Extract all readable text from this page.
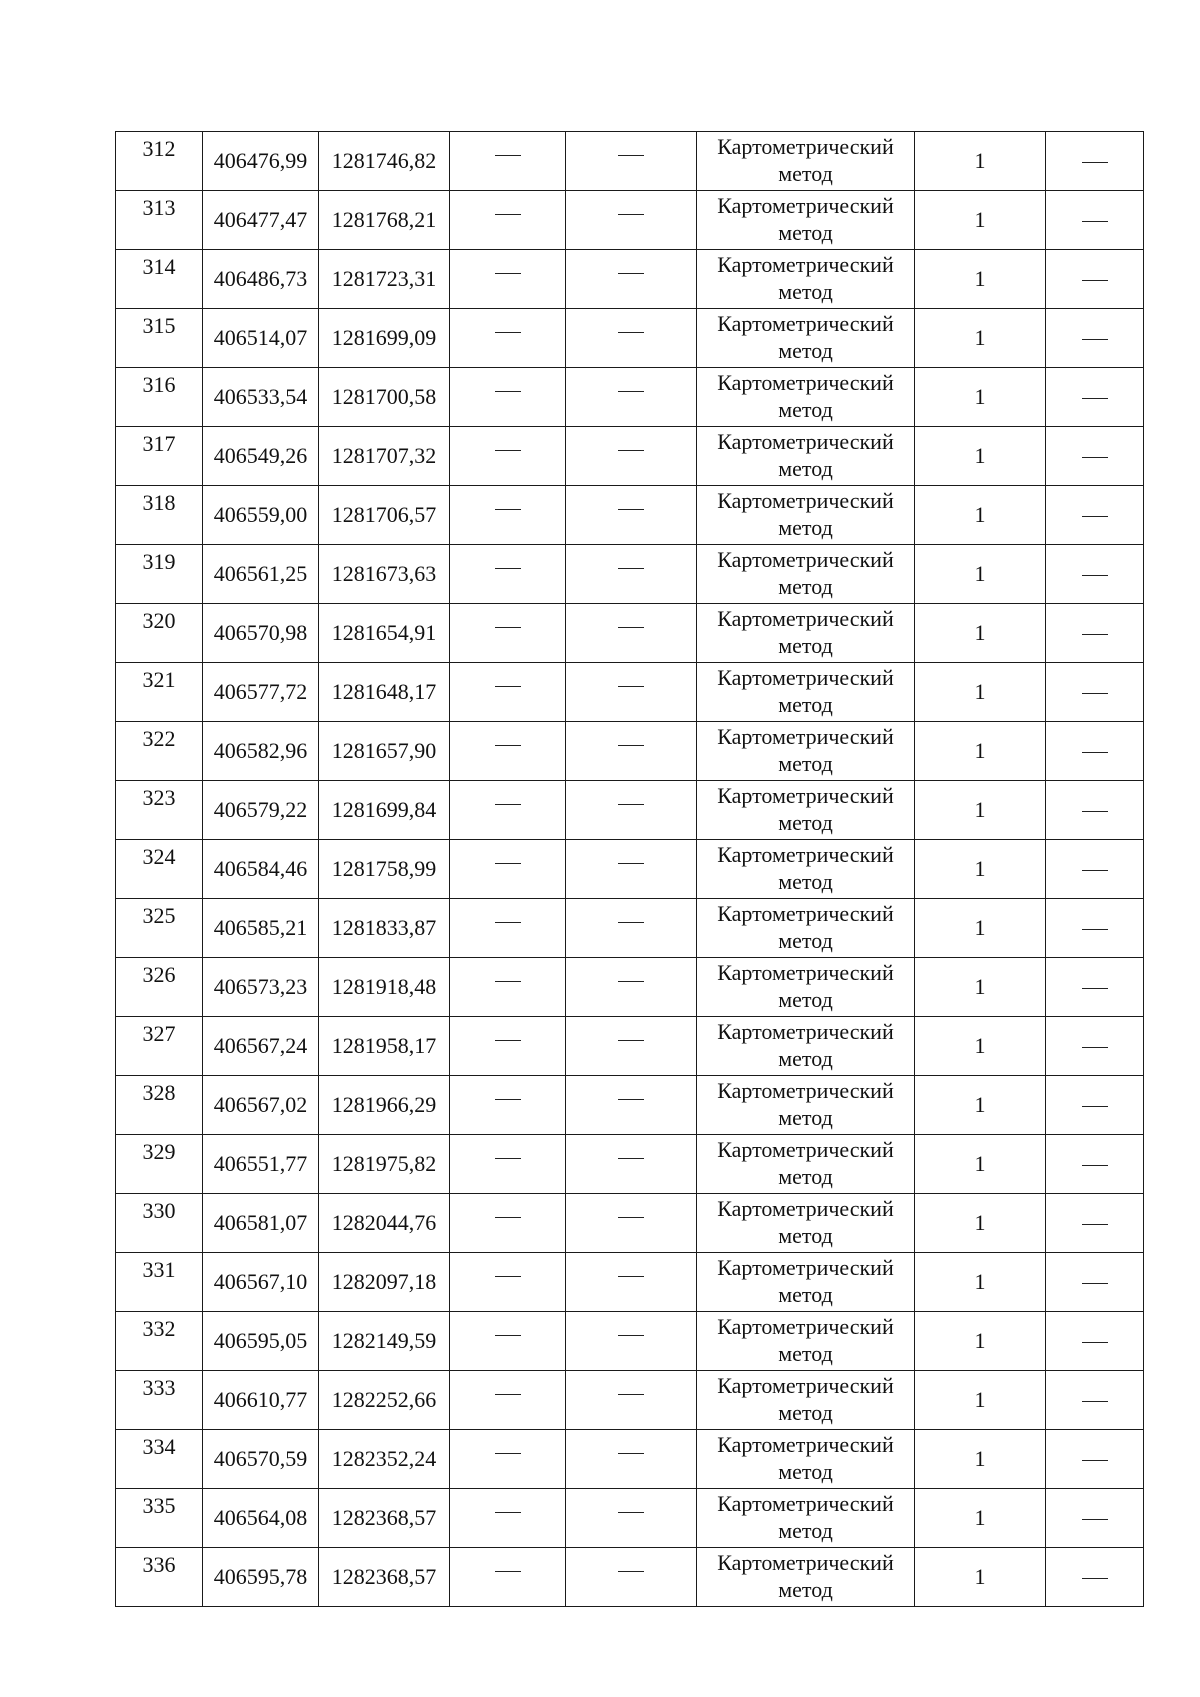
312	406476,99	1281746,82			Картометрический
метод	1	
313	406477,47	1281768,21			Картометрический
метод	1	
314	406486,73	1281723,31			Картометрический
метод	1	
315	406514,07	1281699,09			Картометрический
метод	1	
316	406533,54	1281700,58			Картометрический
метод	1	
317	406549,26	1281707,32			Картометрический
метод	1	
318	406559,00	1281706,57			Картометрический
метод	1	
319	406561,25	1281673,63			Картометрический
метод	1	
320	406570,98	1281654,91			Картометрический
метод	1	
321	406577,72	1281648,17			Картометрический
метод	1	
322	406582,96	1281657,90			Картометрический
метод	1	
323	406579,22	1281699,84			Картометрический
метод	1	
324	406584,46	1281758,99			Картометрический
метод	1	
325	406585,21	1281833,87			Картометрический
метод	1	
326	406573,23	1281918,48			Картометрический
метод	1	
327	406567,24	1281958,17			Картометрический
метод	1	
328	406567,02	1281966,29			Картометрический
метод	1	
329	406551,77	1281975,82			Картометрический
метод	1	
330	406581,07	1282044,76			Картометрический
метод	1	
331	406567,10	1282097,18			Картометрический
метод	1	
332	406595,05	1282149,59			Картометрический
метод	1	
333	406610,77	1282252,66			Картометрический
метод	1	
334	406570,59	1282352,24			Картометрический
метод	1	
335	406564,08	1282368,57			Картометрический
метод	1	
336	406595,78	1282368,57			Картометрический
метод	1	
